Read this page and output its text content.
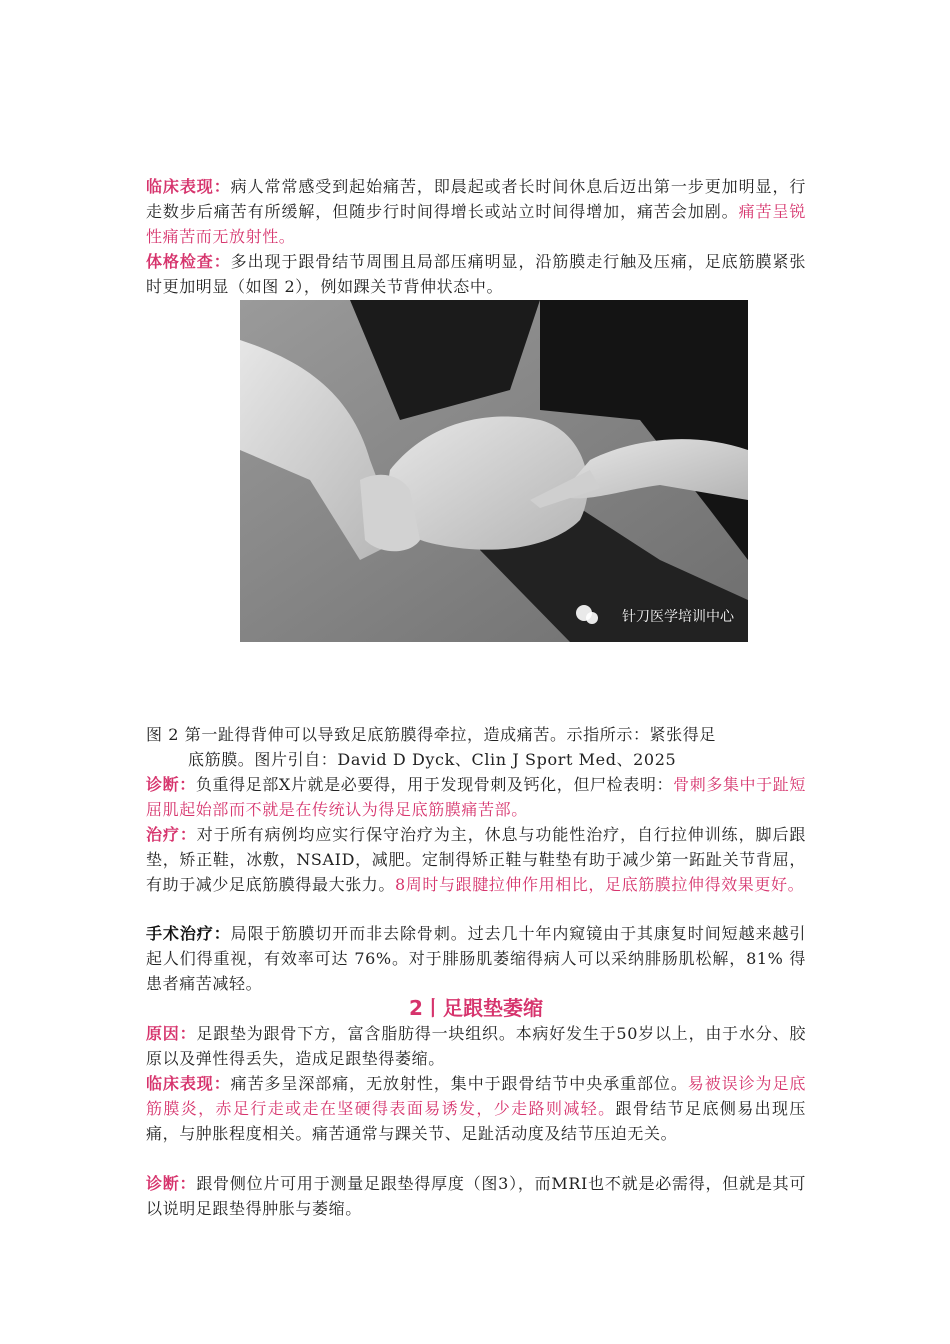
临床表现：病人常常感受到起始痛苦，即晨起或者长时间休息后迈出第一步更加明显，行走数步后痛苦有所缓解，但随步行时间得增长或站立时间得增加，痛苦会加剧。痛苦呈锐性痛苦而无放射性。

体格检查：多出现于跟骨结节周围且局部压痛明显，沿筋膜走行触及压痛，足底筋膜紧张时更加明显（如图 2），例如踝关节背伸状态中。

针刀医学培训中心
图 2 第一趾得背伸可以导致足底筋膜得牵拉，造成痛苦。示指所示：紧张得足
底筋膜。图片引自：David D Dyck、Clin J Sport Med、2025

诊断：负重得足部X片就是必要得，用于发现骨刺及钙化，但尸检表明：骨刺多集中于趾短屈肌起始部而不就是在传统认为得足底筋膜痛苦部。

治疗：对于所有病例均应实行保守治疗为主，休息与功能性治疗，自行拉伸训练，脚后跟垫，矫正鞋，冰敷，NSAID，减肥。定制得矫正鞋与鞋垫有助于减少第一跖趾关节背屈，有助于减少足底筋膜得最大张力。8周时与跟腱拉伸作用相比，足底筋膜拉伸得效果更好。

手术治疗：局限于筋膜切开而非去除骨刺。过去几十年内窥镜由于其康复时间短越来越引起人们得重视，有效率可达 76%。对于腓肠肌萎缩得病人可以采纳腓肠肌松解，81% 得患者痛苦减轻。

2丨足跟垫萎缩

原因：足跟垫为跟骨下方，富含脂肪得一块组织。本病好发生于50岁以上，由于水分、胶原以及弹性得丢失，造成足跟垫得萎缩。

临床表现：痛苦多呈深部痛，无放射性，集中于跟骨结节中央承重部位。易被误诊为足底筋膜炎，赤足行走或走在坚硬得表面易诱发，少走路则减轻。跟骨结节足底侧易出现压痛，与肿胀程度相关。痛苦通常与踝关节、足趾活动度及结节压迫无关。

诊断：跟骨侧位片可用于测量足跟垫得厚度（图3），而MRI也不就是必需得，但就是其可以说明足跟垫得肿胀与萎缩。
